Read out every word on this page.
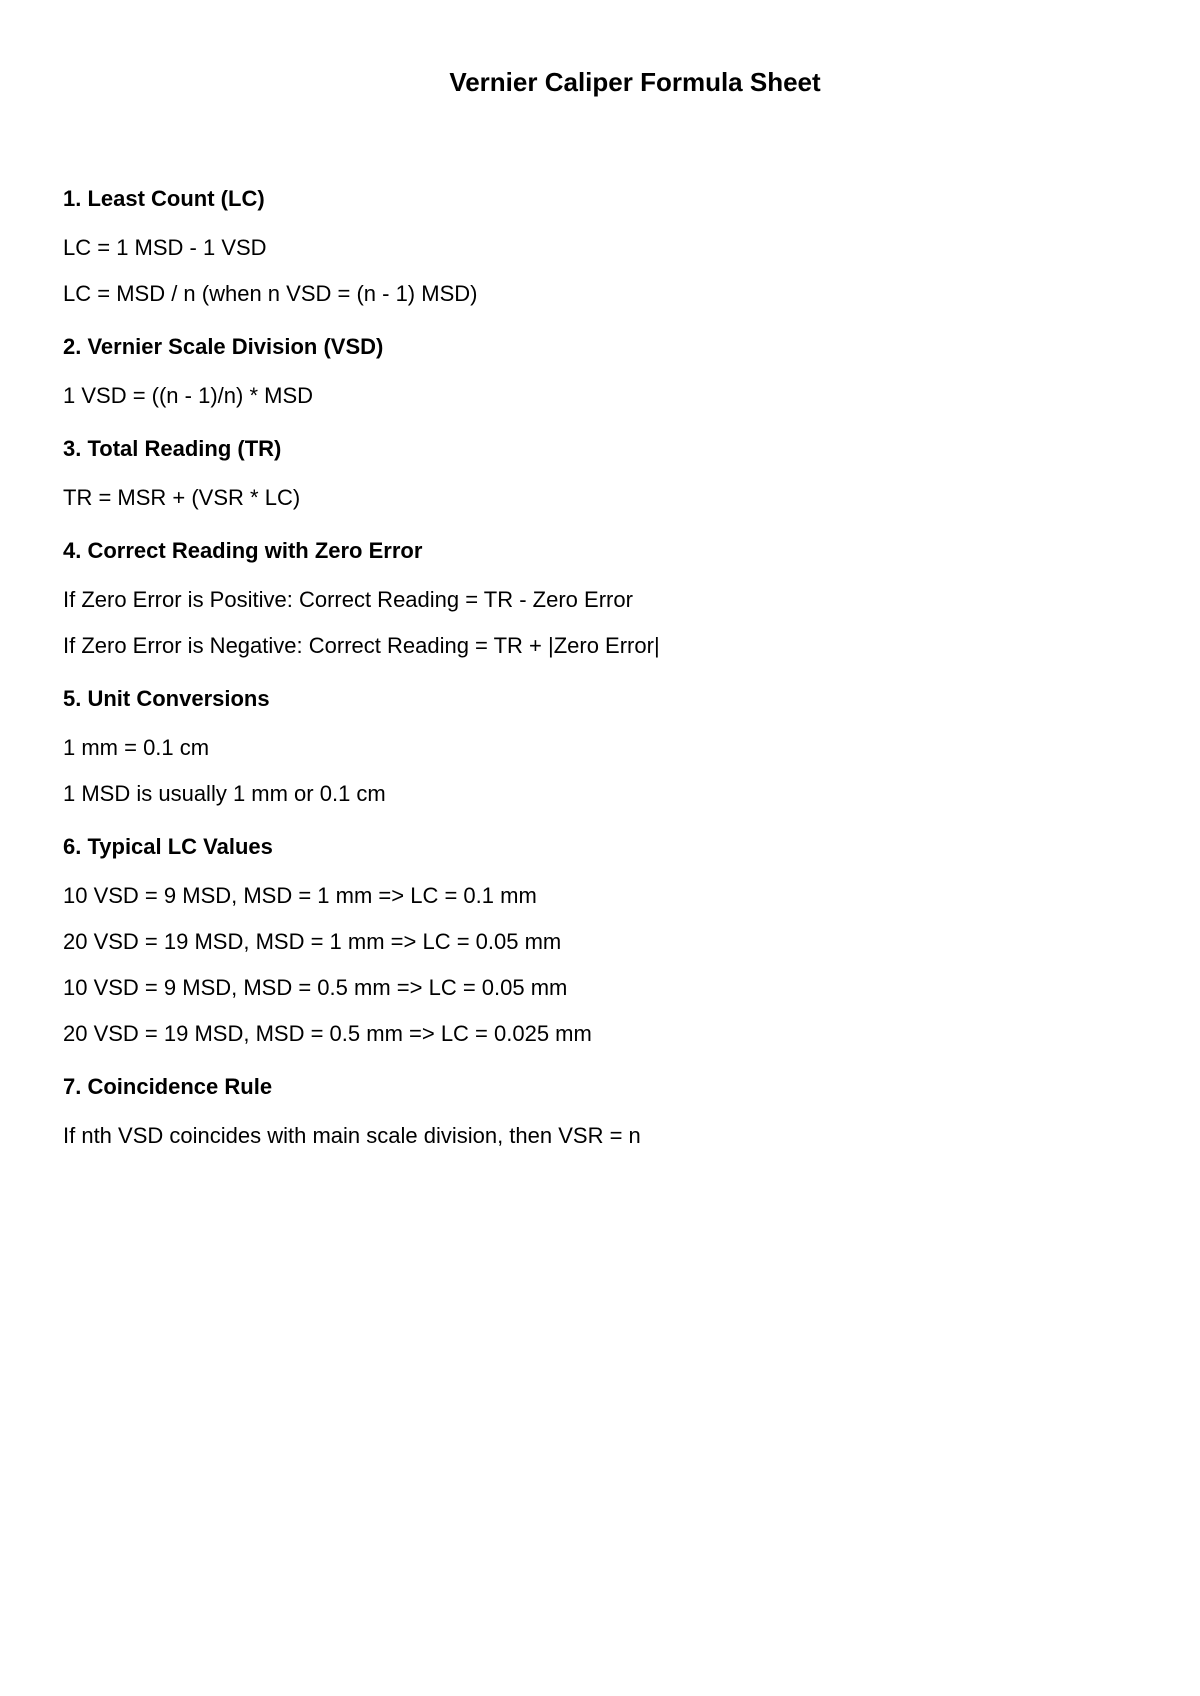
Vernier Caliper Formula Sheet
1. Least Count (LC)
LC = 1 MSD - 1 VSD
LC = MSD / n (when n VSD = (n - 1) MSD)
2. Vernier Scale Division (VSD)
1 VSD = ((n - 1)/n) * MSD
3. Total Reading (TR)
TR = MSR + (VSR * LC)
4. Correct Reading with Zero Error
If Zero Error is Positive: Correct Reading = TR - Zero Error
If Zero Error is Negative: Correct Reading = TR + |Zero Error|
5. Unit Conversions
1 mm = 0.1 cm
1 MSD is usually 1 mm or 0.1 cm
6. Typical LC Values
10 VSD = 9 MSD, MSD = 1 mm => LC = 0.1 mm
20 VSD = 19 MSD, MSD = 1 mm => LC = 0.05 mm
10 VSD = 9 MSD, MSD = 0.5 mm => LC = 0.05 mm
20 VSD = 19 MSD, MSD = 0.5 mm => LC = 0.025 mm
7. Coincidence Rule
If nth VSD coincides with main scale division, then VSR = n
